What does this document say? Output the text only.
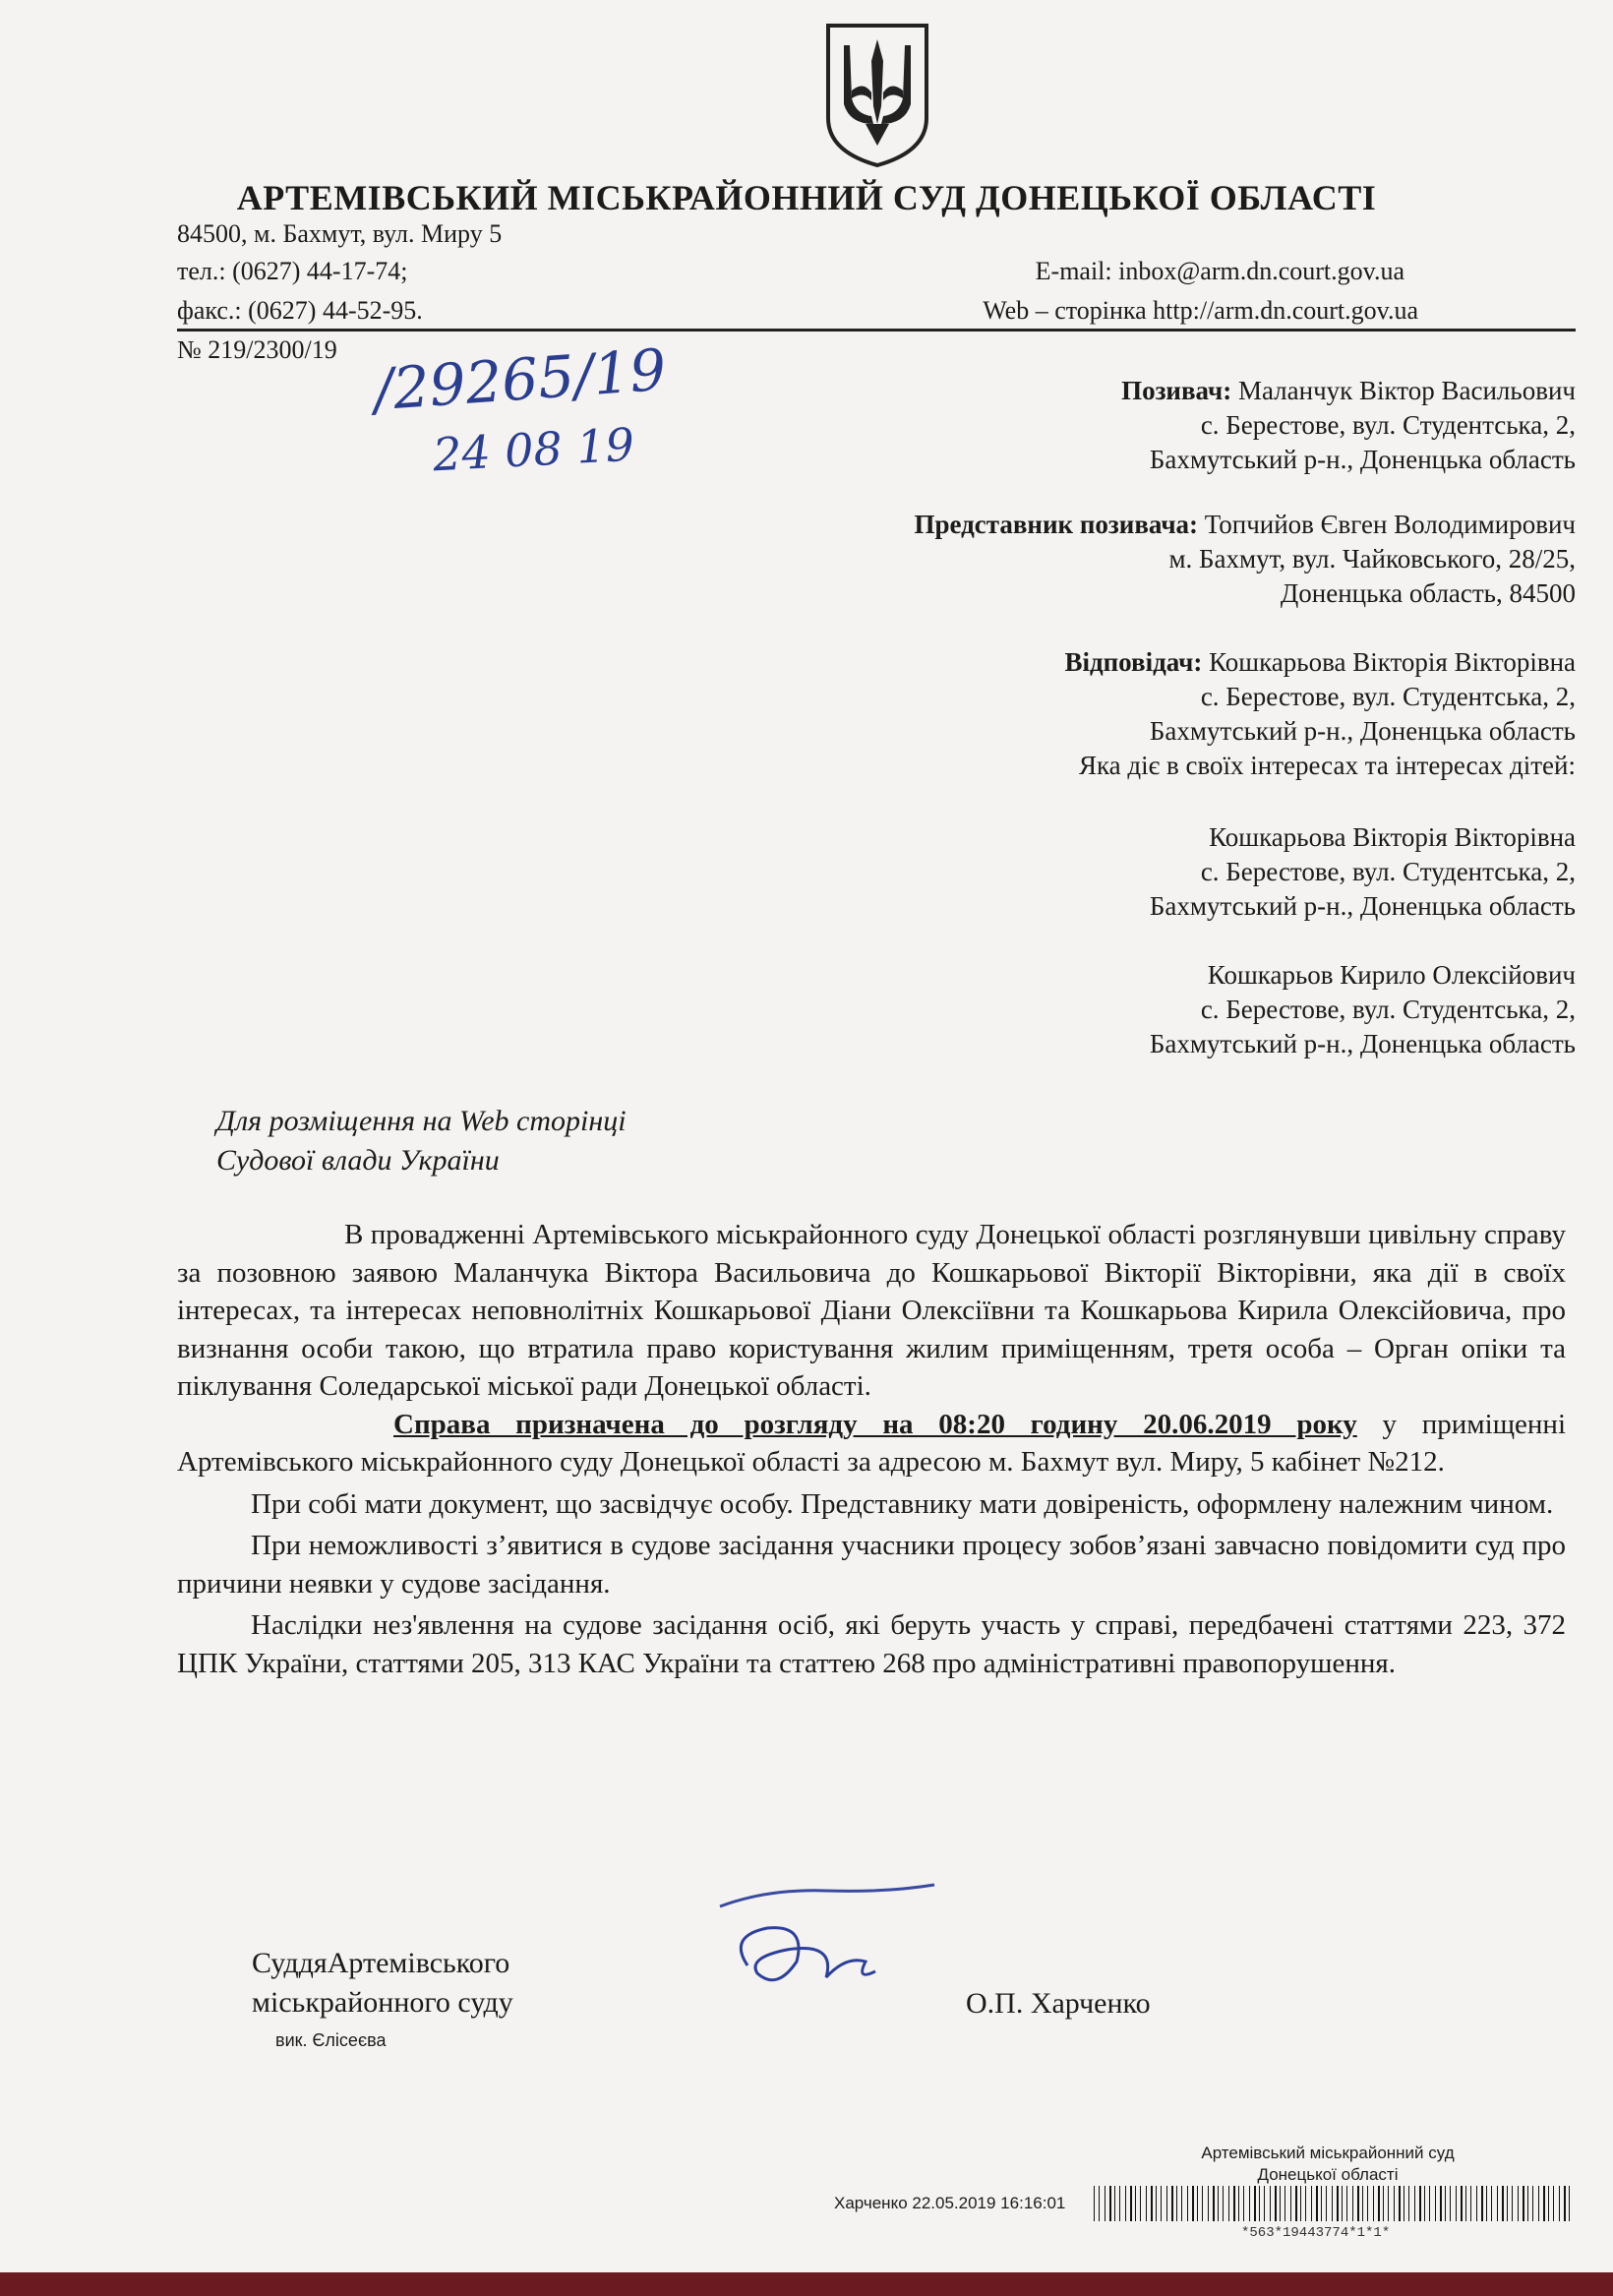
АРТЕМІВСЬКИЙ МІСЬКРАЙОННИЙ СУД ДОНЕЦЬКОЇ ОБЛАСТІ
84500, м. Бахмут, вул. Миру 5
тел.: (0627) 44-17-74;
факс.: (0627) 44-52-95.
E-mail: inbox@arm.dn.court.gov.ua
Web – сторінка http://arm.dn.court.gov.ua
№ 219/2300/19 /29265/19
24 08 19
Позивач: Маланчук Віктор Васильович
с. Берестове, вул. Студентська, 2,
Бахмутський р-н., Доненцька область
Представник позивача: Топчийов Євген Володимирович
м. Бахмут, вул. Чайковського, 28/25,
Доненцька область, 84500
Відповідач: Кошкарьова Вікторія Вікторівна
с. Берестове, вул. Студентська, 2,
Бахмутський р-н., Доненцька область
Яка діє в своїх інтересах та інтересах дітей:
Кошкарьова Вікторія Вікторівна
с. Берестове, вул. Студентська, 2,
Бахмутський р-н., Доненцька область
Кошкарьов Кирило Олексійович
с. Берестове, вул. Студентська, 2,
Бахмутський р-н., Доненцька область
Для розміщення на Web сторінці
Судової влади України

В провадженні Артемівського міськрайонного суду Донецької області розглянувши цивільну справу за позовною заявою Маланчука Віктора Васильовича до Кошкарьової Вікторії Вікторівни, яка дії в своїх інтересах, та інтересах неповнолітніх Кошкарьової Діани Олексіївни та Кошкарьова Кирила Олексійовича, про визнання особи такою, що втратила право користування жилим приміщенням, третя особа – Орган опіки та піклування Соледарської міської ради Донецької області.

Справа призначена до розгляду на 08:20 годину 20.06.2019 року у приміщенні Артемівського міськрайонного суду Донецької області за адресою м. Бахмут вул. Миру, 5 кабінет №212.

При собі мати документ, що засвідчує особу. Представнику мати довіреність, оформлену належним чином.

При неможливості з’явитися в судове засідання учасники процесу зобов’язані завчасно повідомити суд про причини неявки у судове засідання.

Наслідки нез'явлення на судове засідання осіб, які беруть участь у справі, передбачені статтями 223, 372 ЦПК України, статтями 205, 313 КАС України та статтею 268 про адміністративні правопорушення.

СуддяАртемівського
міськрайонного суду	О.П. Харченко
вик. Єлісеєва
Артемівський міськрайонний суд
Донецької області
Харченко 22.05.2019 16:16:01
*563*19443774*1*1*
